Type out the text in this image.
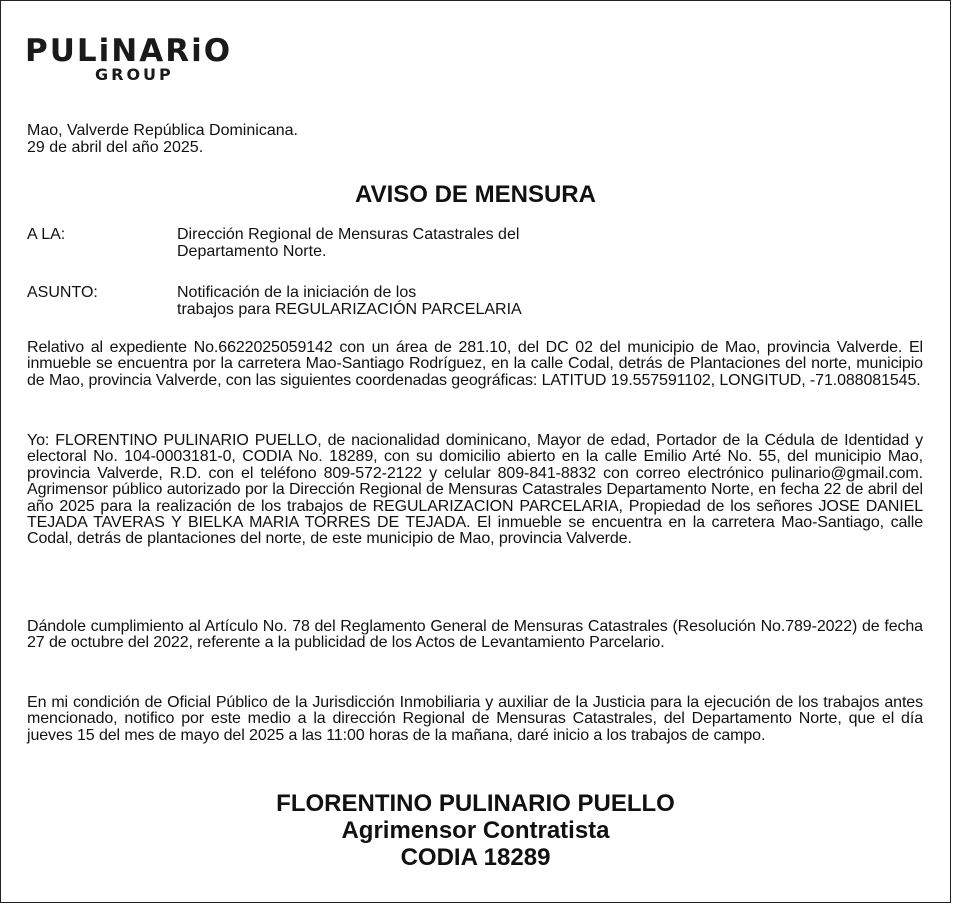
PULiNARiO
GROUP
Mao, Valverde República Dominicana.
29 de abril del año 2025.
AVISO DE MENSURA
A LA:	Dirección Regional de Mensuras Catastrales del
Departamento Norte.
ASUNTO:	Notificación de la iniciación de los
trabajos para REGULARIZACIÓN PARCELARIA
Relativo al expediente No.6622025059142 con un área de 281.10, del DC 02 del municipio de Mao, provincia Valverde. El inmueble se encuentra por la carretera Mao-Santiago Rodríguez, en la calle Codal, detrás de Plantaciones del norte, municipio de Mao, provincia Valverde, con las siguientes coordenadas geográficas: LATITUD 19.557591102, LONGITUD, -71.088081545.
Yo: FLORENTINO PULINARIO PUELLO, de nacionalidad dominicano, Mayor de edad, Portador de la Cédula de Identidad y electoral No. 104-0003181-0, CODIA No. 18289, con su domicilio abierto en la calle Emilio Arté No. 55, del municipio Mao, provincia Valverde, R.D. con el teléfono 809-572-2122 y celular 809-841-8832 con correo electrónico pulinario@gmail.com. Agrimensor público autorizado por la Dirección Regional de Mensuras Catastrales Departamento Norte, en fecha 22 de abril del año 2025 para la realización de los trabajos de REGULARIZACION PARCELARIA, Propiedad de los señores JOSE DANIEL TEJADA TAVERAS Y BIELKA MARIA TORRES DE TEJADA. El inmueble se encuentra en la carretera Mao-Santiago, calle Codal, detrás de plantaciones del norte, de este municipio de Mao, provincia Valverde.
Dándole cumplimiento al Artículo No. 78 del Reglamento General de Mensuras Catastrales (Resolución No.789-2022) de fecha 27 de octubre del 2022, referente a la publicidad de los Actos de Levantamiento Parcelario.
En mi condición de Oficial Público de la Jurisdicción Inmobiliaria y auxiliar de la Justicia para la ejecución de los trabajos antes mencionado, notifico por este medio a la dirección Regional de Mensuras Catastrales, del Departamento Norte, que el día jueves 15 del mes de mayo del 2025 a las 11:00 horas de la mañana, daré inicio a los trabajos de campo.
FLORENTINO PULINARIO PUELLO
Agrimensor Contratista
CODIA 18289
